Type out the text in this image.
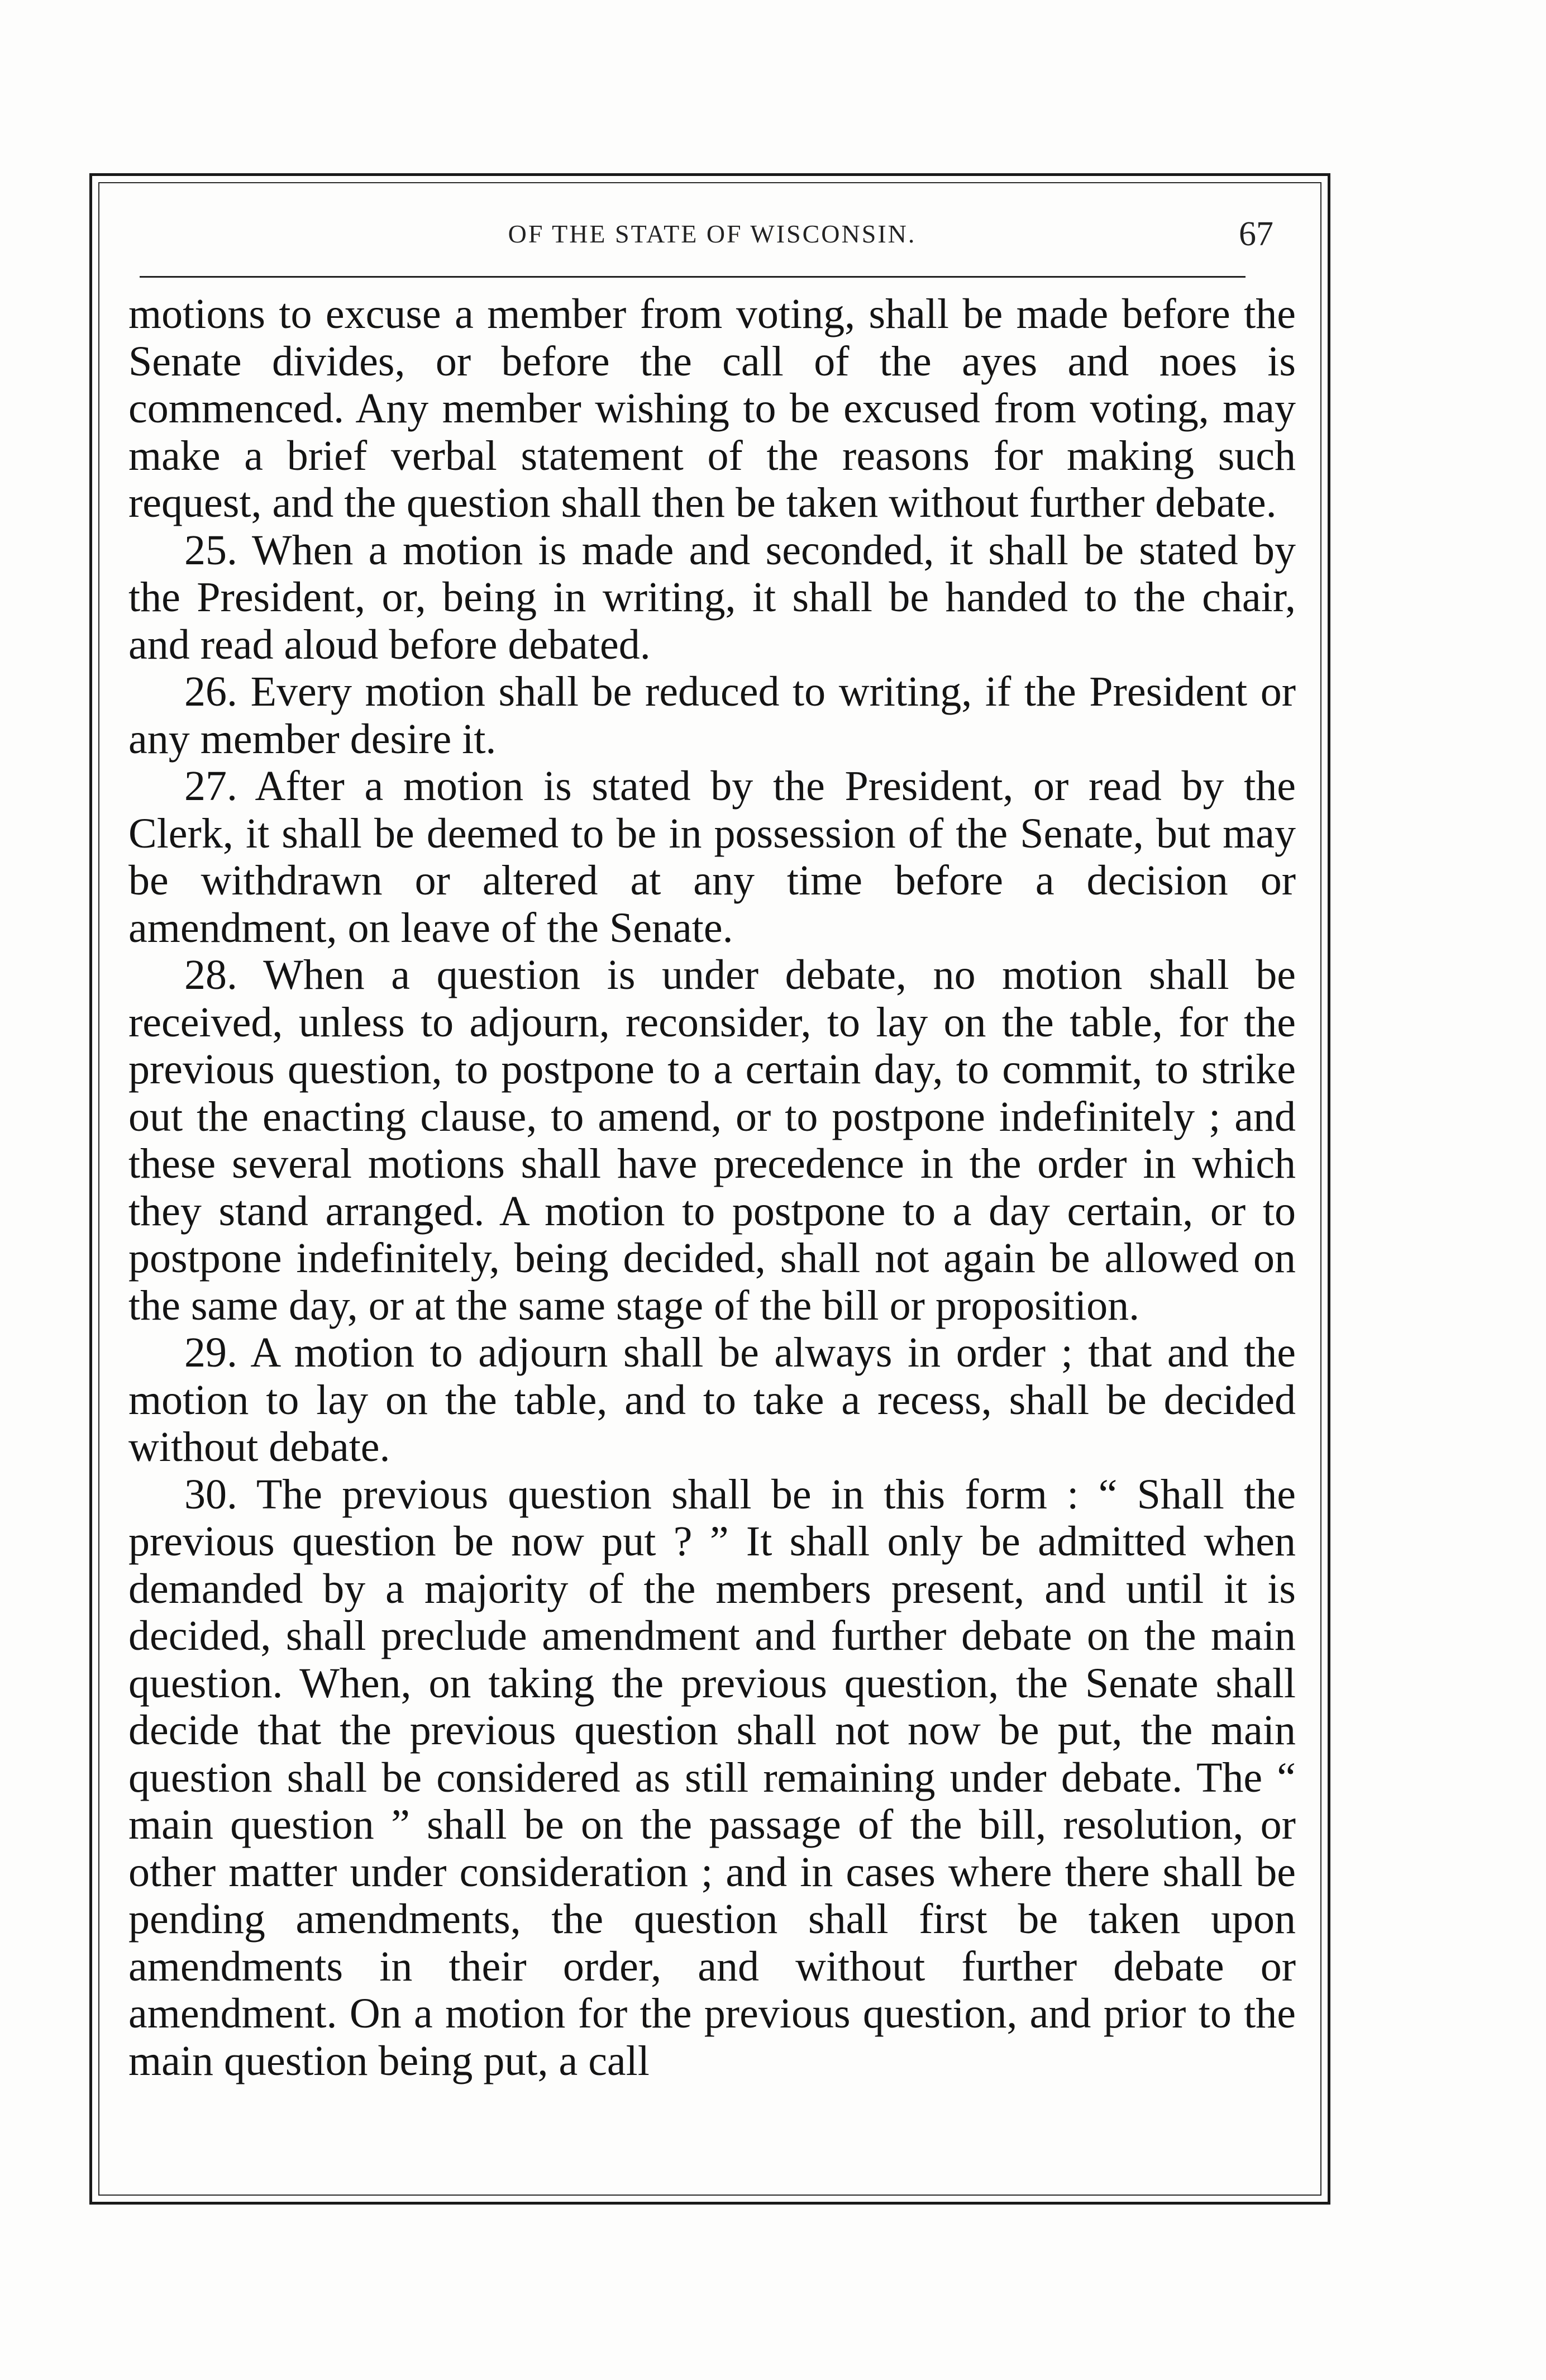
OF THE STATE OF WISCONSIN.	67

motions to excuse a member from voting, shall be made before the Senate divides, or before the call of the ayes and noes is commenced. Any member wishing to be excused from voting, may make a brief verbal statement of the reasons for making such request, and the question shall then be taken without further debate.

25. When a motion is made and seconded, it shall be stated by the President, or, being in writing, it shall be handed to the chair, and read aloud before debated.

26. Every motion shall be reduced to writing, if the President or any member desire it.

27. After a motion is stated by the President, or read by the Clerk, it shall be deemed to be in possession of the Senate, but may be withdrawn or altered at any time before a decision or amendment, on leave of the Senate.

28. When a question is under debate, no motion shall be received, unless to adjourn, reconsider, to lay on the table, for the previous question, to postpone to a certain day, to commit, to strike out the enacting clause, to amend, or to postpone indefinitely ; and these several motions shall have precedence in the order in which they stand arranged. A motion to postpone to a day certain, or to postpone indefinitely, being decided, shall not again be allowed on the same day, or at the same stage of the bill or proposition.

29. A motion to adjourn shall be always in order ; that and the motion to lay on the table, and to take a recess, shall be decided without debate.

30. The previous question shall be in this form : “ Shall the previous question be now put ? ” It shall only be admitted when demanded by a majority of the members present, and until it is decided, shall preclude amendment and further debate on the main question. When, on taking the previous question, the Senate shall decide that the previous question shall not now be put, the main question shall be considered as still remaining under debate. The “ main question ” shall be on the passage of the bill, resolution, or other matter under consideration ; and in cases where there shall be pending amendments, the question shall first be taken upon amendments in their order, and without further debate or amendment. On a motion for the previous question, and prior to the main question being put, a call
